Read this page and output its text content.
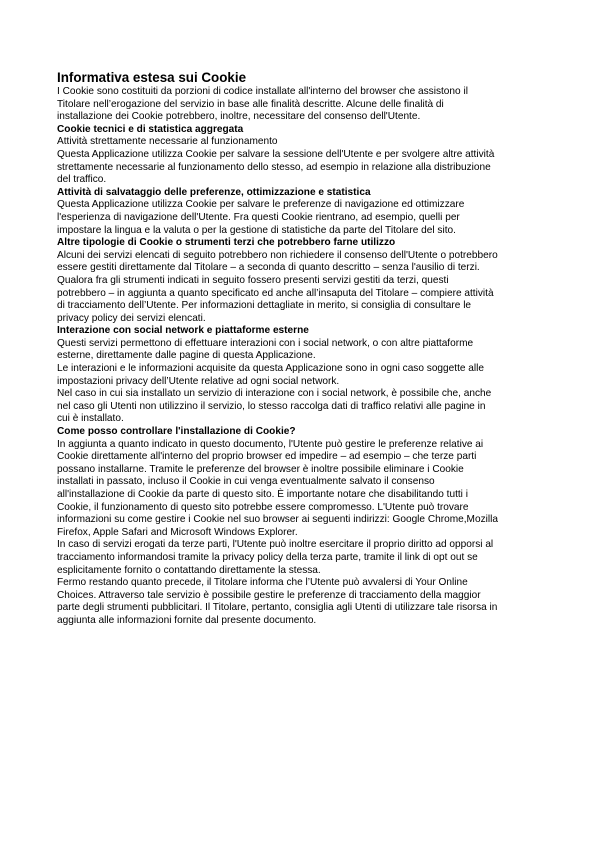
Informativa estesa sui Cookie
I Cookie sono costituiti da porzioni di codice installate all'interno del browser che assistono il
Titolare nell’erogazione del servizio in base alle finalità descritte. Alcune delle finalità di
installazione dei Cookie potrebbero, inoltre, necessitare del consenso dell'Utente.
Cookie tecnici e di statistica aggregata
Attività strettamente necessarie al funzionamento
Questa Applicazione utilizza Cookie per salvare la sessione dell'Utente e per svolgere altre attività
strettamente necessarie al funzionamento dello stesso, ad esempio in relazione alla distribuzione
del traffico.
Attività di salvataggio delle preferenze, ottimizzazione e statistica
Questa Applicazione utilizza Cookie per salvare le preferenze di navigazione ed ottimizzare
l'esperienza di navigazione dell'Utente. Fra questi Cookie rientrano, ad esempio, quelli per
impostare la lingua e la valuta o per la gestione di statistiche da parte del Titolare del sito.
Altre tipologie di Cookie o strumenti terzi che potrebbero farne utilizzo
Alcuni dei servizi elencati di seguito potrebbero non richiedere il consenso dell'Utente o potrebbero
essere gestiti direttamente dal Titolare – a seconda di quanto descritto – senza l'ausilio di terzi.
Qualora fra gli strumenti indicati in seguito fossero presenti servizi gestiti da terzi, questi
potrebbero – in aggiunta a quanto specificato ed anche all’insaputa del Titolare – compiere attività
di tracciamento dell’Utente. Per informazioni dettagliate in merito, si consiglia di consultare le
privacy policy dei servizi elencati.
Interazione con social network e piattaforme esterne
Questi servizi permettono di effettuare interazioni con i social network, o con altre piattaforme
esterne, direttamente dalle pagine di questa Applicazione.
Le interazioni e le informazioni acquisite da questa Applicazione sono in ogni caso soggette alle
impostazioni privacy dell’Utente relative ad ogni social network.
Nel caso in cui sia installato un servizio di interazione con i social network, è possibile che, anche
nel caso gli Utenti non utilizzino il servizio, lo stesso raccolga dati di traffico relativi alle pagine in
cui è installato.
Come posso controllare l'installazione di Cookie?
In aggiunta a quanto indicato in questo documento, l'Utente può gestire le preferenze relative ai
Cookie direttamente all'interno del proprio browser ed impedire – ad esempio – che terze parti
possano installarne. Tramite le preferenze del browser è inoltre possibile eliminare i Cookie
installati in passato, incluso il Cookie in cui venga eventualmente salvato il consenso
all'installazione di Cookie da parte di questo sito. È importante notare che disabilitando tutti i
Cookie, il funzionamento di questo sito potrebbe essere compromesso. L'Utente può trovare
informazioni su come gestire i Cookie nel suo browser ai seguenti indirizzi: Google Chrome,Mozilla
Firefox, Apple Safari and Microsoft Windows Explorer.
In caso di servizi erogati da terze parti, l'Utente può inoltre esercitare il proprio diritto ad opporsi al
tracciamento informandosi tramite la privacy policy della terza parte, tramite il link di opt out se
esplicitamente fornito o contattando direttamente la stessa.
Fermo restando quanto precede, il Titolare informa che l’Utente può avvalersi di Your Online
Choices. Attraverso tale servizio è possibile gestire le preferenze di tracciamento della maggior
parte degli strumenti pubblicitari. Il Titolare, pertanto, consiglia agli Utenti di utilizzare tale risorsa in
aggiunta alle informazioni fornite dal presente documento.
